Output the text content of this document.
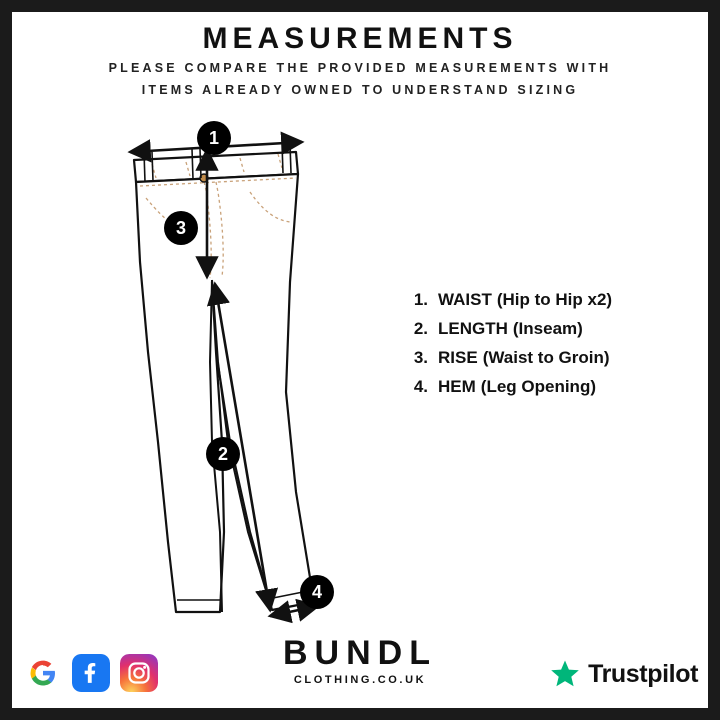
MEASUREMENTS
PLEASE COMPARE THE PROVIDED MEASUREMENTS WITH
ITEMS ALREADY OWNED TO UNDERSTAND SIZING
1
2
3
4
1. WAIST (Hip to Hip x2)
2. LENGTH (Inseam)
3. RISE (Waist to Groin)
4. HEM (Leg Opening)
BUNDL
CLOTHING.CO.UK	Trustpilot
